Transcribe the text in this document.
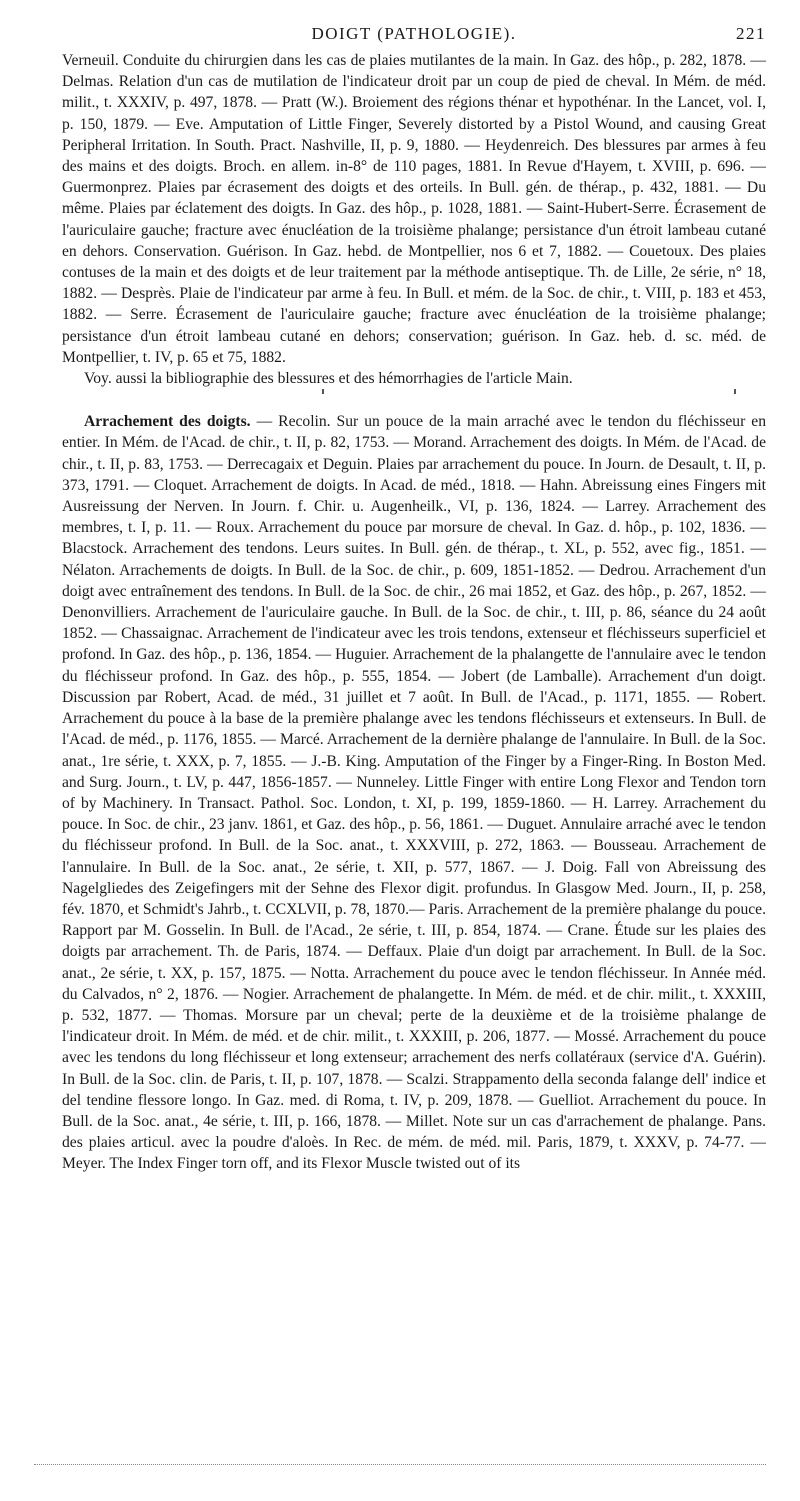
DOIGT (PATHOLOGIE).	221

Verneuil. Conduite du chirurgien dans les cas de plaies mutilantes de la main. In Gaz. des hôp., p. 282, 1878. — Delmas. Relation d'un cas de mutilation de l'indicateur droit par un coup de pied de cheval. In Mém. de méd. milit., t. XXXIV, p. 497, 1878. — Pratt (W.). Broiement des régions thénar et hypothénar. In the Lancet, vol. I, p. 150, 1879. — Eve. Amputation of Little Finger, Severely distorted by a Pistol Wound, and causing Great Peripheral Irritation. In South. Pract. Nashville, II, p. 9, 1880. — Heydenreich. Des blessures par armes à feu des mains et des doigts. Broch. en allem. in-8° de 110 pages, 1881. In Revue d'Hayem, t. XVIII, p. 696. — Guermonprez. Plaies par écrasement des doigts et des orteils. In Bull. gén. de thérap., p. 432, 1881. — Du même. Plaies par éclatement des doigts. In Gaz. des hôp., p. 1028, 1881. — Saint-Hubert-Serre. Écrasement de l'auriculaire gauche; fracture avec énucléation de la troisième phalange; persistance d'un étroit lambeau cutané en dehors. Conservation. Guérison. In Gaz. hebd. de Montpellier, nos 6 et 7, 1882. — Couetoux. Des plaies contuses de la main et des doigts et de leur traitement par la méthode antiseptique. Th. de Lille, 2e série, n° 18, 1882. — Desprès. Plaie de l'indicateur par arme à feu. In Bull. et mém. de la Soc. de chir., t. VIII, p. 183 et 453, 1882. — Serre. Écrasement de l'auriculaire gauche; fracture avec énucléation de la troisième phalange; persistance d'un étroit lambeau cutané en dehors; conservation; guérison. In Gaz. heb. d. sc. méd. de Montpellier, t. IV, p. 65 et 75, 1882.

Voy. aussi la bibliographie des blessures et des hémorrhagies de l'article Main.

Arrachement des doigts. — Recolin. Sur un pouce de la main arraché avec le tendon du fléchisseur en entier. In Mém. de l'Acad. de chir., t. II, p. 82, 1753. — Morand. Arrachement des doigts. In Mém. de l'Acad. de chir., t. II, p. 83, 1753. — Derrecagaix et Deguin. Plaies par arrachement du pouce. In Journ. de Desault, t. II, p. 373, 1791. — Cloquet. Arrachement de doigts. In Acad. de méd., 1818. — Hahn. Abreissung eines Fingers mit Ausreissung der Nerven. In Journ. f. Chir. u. Augenheilk., VI, p. 136, 1824. — Larrey. Arrachement des membres, t. I, p. 11. — Roux. Arrachement du pouce par morsure de cheval. In Gaz. d. hôp., p. 102, 1836. — Blacstock. Arrachement des tendons. Leurs suites. In Bull. gén. de thérap., t. XL, p. 552, avec fig., 1851. — Nélaton. Arrachements de doigts. In Bull. de la Soc. de chir., p. 609, 1851-1852. — Dedrou. Arrachement d'un doigt avec entraînement des tendons. In Bull. de la Soc. de chir., 26 mai 1852, et Gaz. des hôp., p. 267, 1852. — Denonvilliers. Arrachement de l'auriculaire gauche. In Bull. de la Soc. de chir., t. III, p. 86, séance du 24 août 1852. — Chassaignac. Arrachement de l'indicateur avec les trois tendons, extenseur et fléchisseurs superficiel et profond. In Gaz. des hôp., p. 136, 1854. — Huguier. Arrachement de la phalangette de l'annulaire avec le tendon du fléchisseur profond. In Gaz. des hôp., p. 555, 1854. — Jobert (de Lamballe). Arrachement d'un doigt. Discussion par Robert, Acad. de méd., 31 juillet et 7 août. In Bull. de l'Acad., p. 1171, 1855. — Robert. Arrachement du pouce à la base de la première phalange avec les tendons fléchisseurs et extenseurs. In Bull. de l'Acad. de méd., p. 1176, 1855. — Marcé. Arrachement de la dernière phalange de l'annulaire. In Bull. de la Soc. anat., 1re série, t. XXX, p. 7, 1855. — J.-B. King. Amputation of the Finger by a Finger-Ring. In Boston Med. and Surg. Journ., t. LV, p. 447, 1856-1857. — Nunneley. Little Finger with entire Long Flexor and Tendon torn of by Machinery. In Transact. Pathol. Soc. London, t. XI, p. 199, 1859-1860. — H. Larrey. Arrachement du pouce. In Soc. de chir., 23 janv. 1861, et Gaz. des hôp., p. 56, 1861. — Duguet. Annulaire arraché avec le tendon du fléchisseur profond. In Bull. de la Soc. anat., t. XXXVIII, p. 272, 1863. — Bousseau. Arrachement de l'annulaire. In Bull. de la Soc. anat., 2e série, t. XII, p. 577, 1867. — J. Doig. Fall von Abreissung des Nagelgliedes des Zeigefingers mit der Sehne des Flexor digit. profundus. In Glasgow Med. Journ., II, p. 258, fév. 1870, et Schmidt's Jahrb., t. CCXLVII, p. 78, 1870.— Paris. Arrachement de la première phalange du pouce. Rapport par M. Gosselin. In Bull. de l'Acad., 2e série, t. III, p. 854, 1874. — Crane. Étude sur les plaies des doigts par arrachement. Th. de Paris, 1874. — Deffaux. Plaie d'un doigt par arrachement. In Bull. de la Soc. anat., 2e série, t. XX, p. 157, 1875. — Notta. Arrachement du pouce avec le tendon fléchisseur. In Année méd. du Calvados, n° 2, 1876. — Nogier. Arrachement de phalangette. In Mém. de méd. et de chir. milit., t. XXXIII, p. 532, 1877. — Thomas. Morsure par un cheval; perte de la deuxième et de la troisième phalange de l'indicateur droit. In Mém. de méd. et de chir. milit., t. XXXIII, p. 206, 1877. — Mossé. Arrachement du pouce avec les tendons du long fléchisseur et long extenseur; arrachement des nerfs collatéraux (service d'A. Guérin). In Bull. de la Soc. clin. de Paris, t. II, p. 107, 1878. — Scalzi. Strappamento della seconda falange dell' indice et del tendine flessore longo. In Gaz. med. di Roma, t. IV, p. 209, 1878. — Guelliot. Arrachement du pouce. In Bull. de la Soc. anat., 4e série, t. III, p. 166, 1878. — Millet. Note sur un cas d'arrachement de phalange. Pans. des plaies articul. avec la poudre d'aloès. In Rec. de mém. de méd. mil. Paris, 1879, t. XXXV, p. 74-77. — Meyer. The Index Finger torn off, and its Flexor Muscle twisted out of its
